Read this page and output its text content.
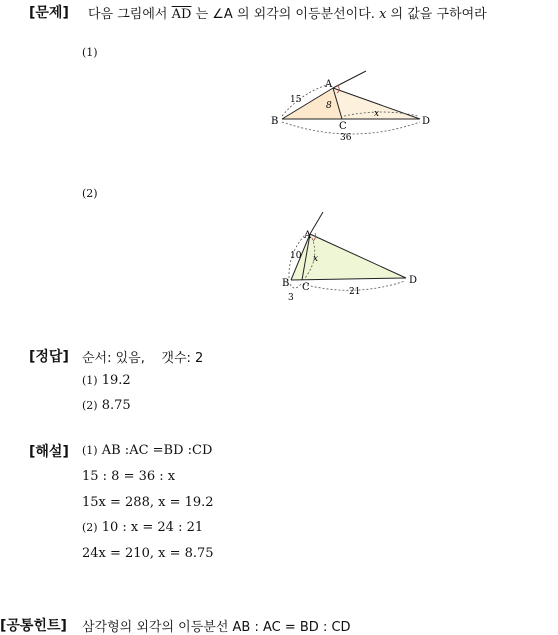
[문제] 다음 그림에서 $\overline{AD}$ 는 ∠A 의 외각의 이등분선이다. x 의 값을 구하여라
(1)
A
B	C	D
15
8
x
36
(2)
A
B C
D
10 x
3
21
[정답] 순서: 있음,    갯수: 2
(1) 19.2
(2) 8.75
[해설] (1) AB :AC =BD :CD
15 : 8 = 36 : x
15x = 288, x = 19.2
(2) 10 : x = 24 : 21
24x = 210, x = 8.75
[공통힌트] 삼각형의 외각의 이등분선 AB : AC = BD : CD
